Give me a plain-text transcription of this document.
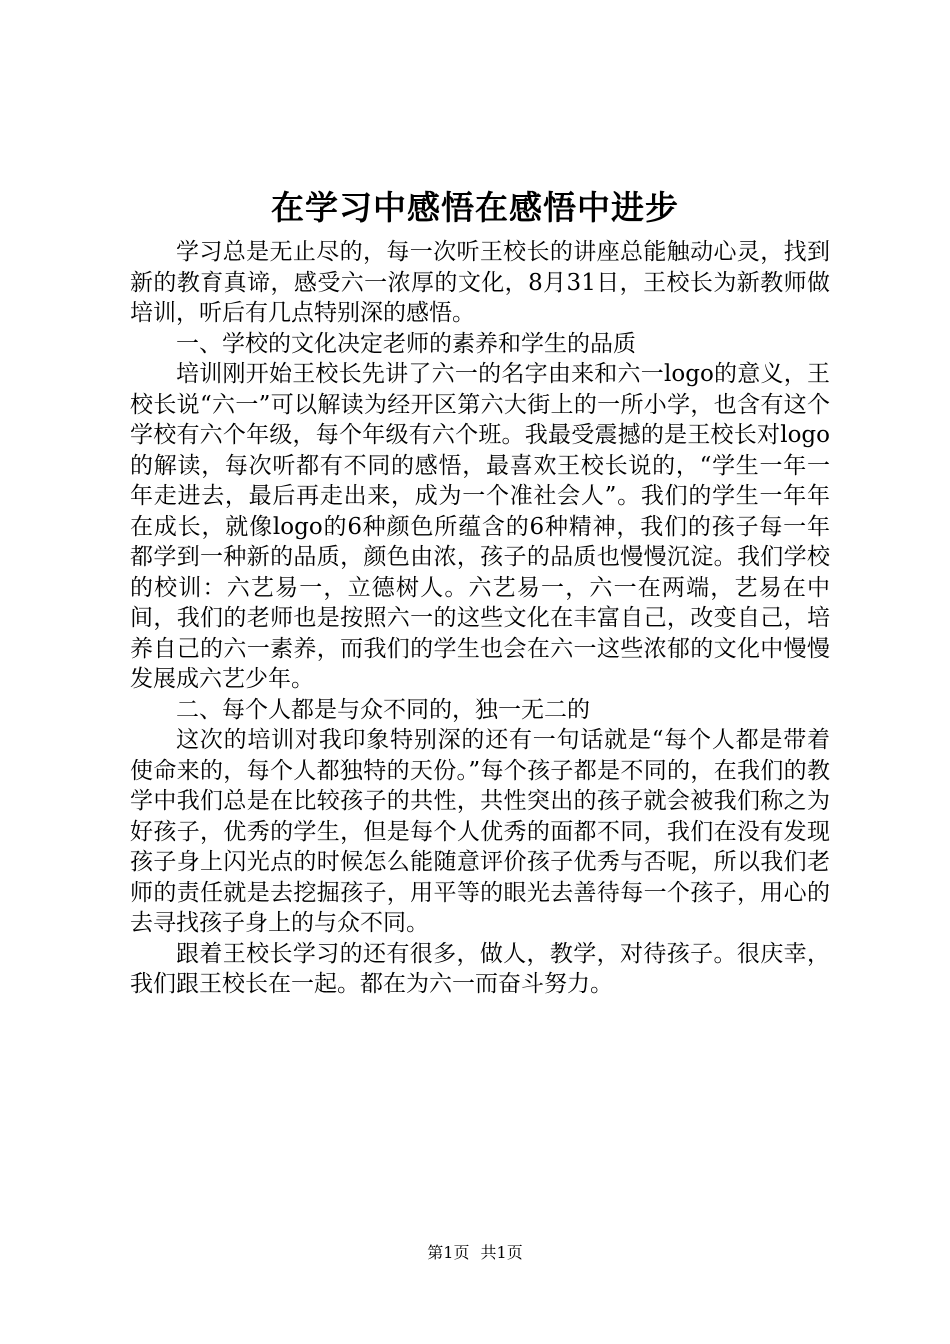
在学习中感悟在感悟中进步

学习总是无止尽的，每一次听王校长的讲座总能触动心灵，找到新的教育真谛，感受六一浓厚的文化，8月31日，王校长为新教师做培训，听后有几点特别深的感悟。

一、学校的文化决定老师的素养和学生的品质

培训刚开始王校长先讲了六一的名字由来和六一logo的意义，王校长说“六一”可以解读为经开区第六大街上的一所小学，也含有这个学校有六个年级，每个年级有六个班。我最受震撼的是王校长对logo的解读，每次听都有不同的感悟，最喜欢王校长说的，“学生一年一年走进去，最后再走出来，成为一个准社会人”。我们的学生一年年在成长，就像logo的6种颜色所蕴含的6种精神，我们的孩子每一年都学到一种新的品质，颜色由浓，孩子的品质也慢慢沉淀。我们学校的校训：六艺易一，立德树人。六艺易一，六一在两端，艺易在中间，我们的老师也是按照六一的这些文化在丰富自己，改变自己，培养自己的六一素养，而我们的学生也会在六一这些浓郁的文化中慢慢发展成六艺少年。

二、每个人都是与众不同的，独一无二的

这次的培训对我印象特别深的还有一句话就是“每个人都是带着使命来的，每个人都独特的天份。”每个孩子都是不同的，在我们的教学中我们总是在比较孩子的共性，共性突出的孩子就会被我们称之为好孩子，优秀的学生，但是每个人优秀的面都不同，我们在没有发现孩子身上闪光点的时候怎么能随意评价孩子优秀与否呢，所以我们老师的责任就是去挖掘孩子，用平等的眼光去善待每一个孩子，用心的去寻找孩子身上的与众不同。

跟着王校长学习的还有很多，做人，教学，对待孩子。很庆幸，我们跟王校长在一起。都在为六一而奋斗努力。

第1页 共1页
